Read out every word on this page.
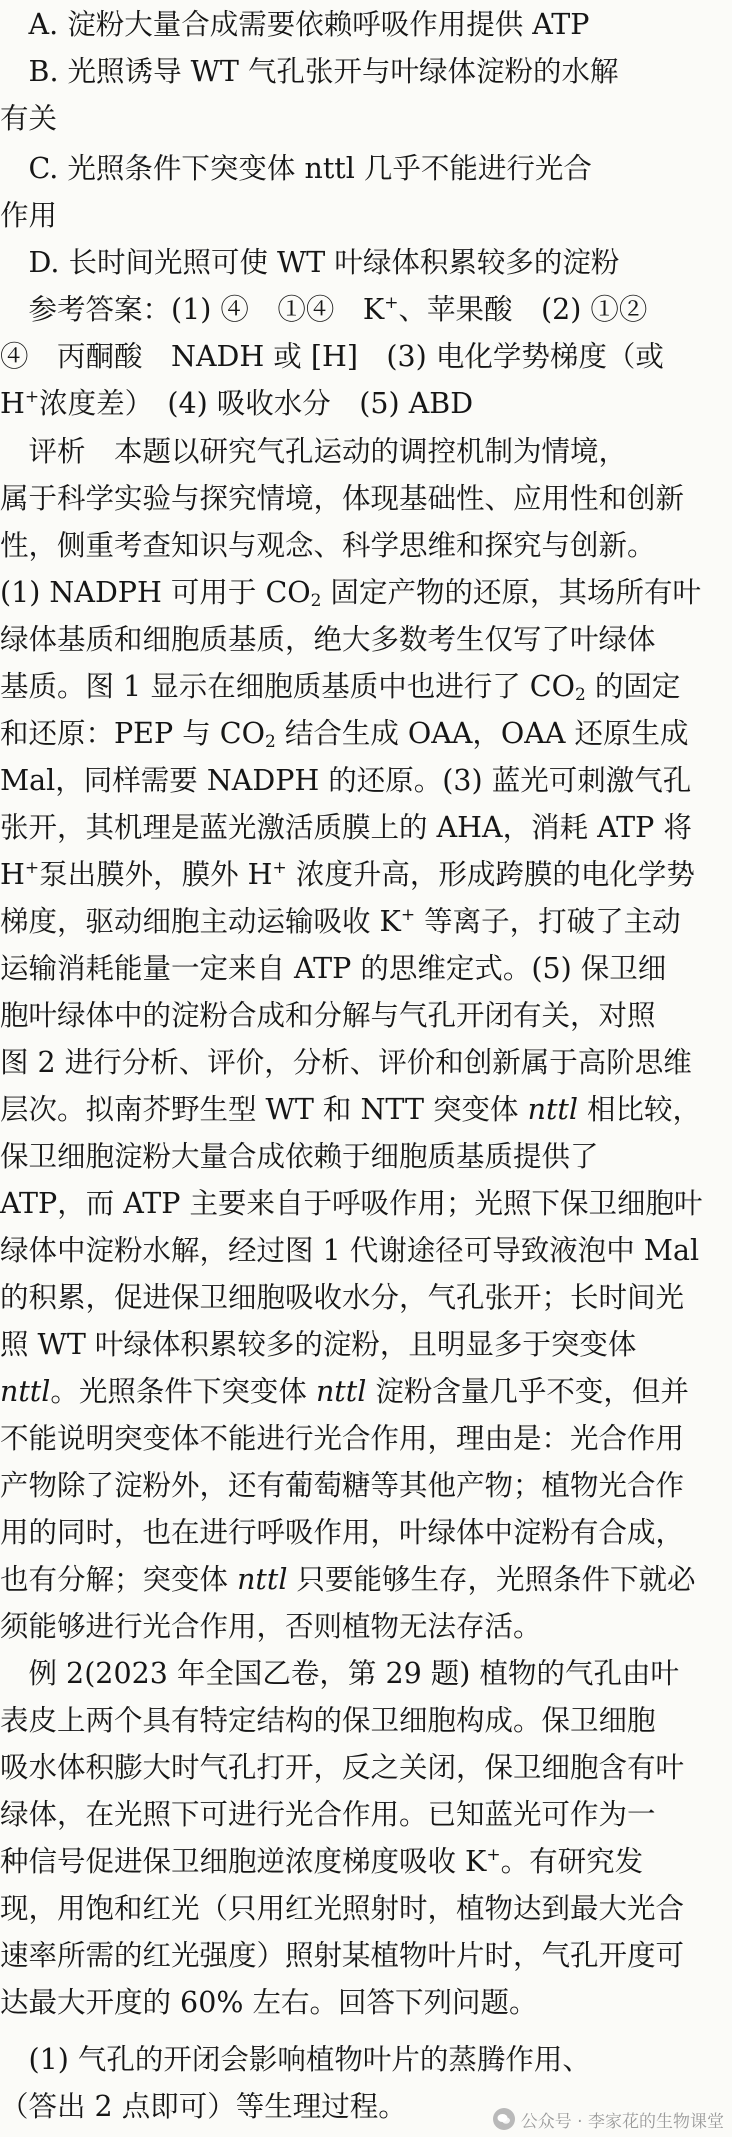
　A. 淀粉大量合成需要依赖呼吸作用提供 ATP
　B. 光照诱导 WT 气孔张开与叶绿体淀粉的水解
有关
　C. 光照条件下突变体 nttl 几乎不能进行光合
作用
　D. 长时间光照可使 WT 叶绿体积累较多的淀粉
　参考答案：(1) ④　①④　K+、苹果酸　(2) ①②
④　丙酮酸　NADH 或 [H]　(3) 电化学势梯度（或
H+浓度差）　(4) 吸收水分　(5) ABD
　评析　本题以研究气孔运动的调控机制为情境，
属于科学实验与探究情境，体现基础性、应用性和创新
性，侧重考查知识与观念、科学思维和探究与创新。
(1) NADPH 可用于 $CO_2$ 固定产物的还原，其场所有叶
绿体基质和细胞质基质，绝大多数考生仅写了叶绿体
基质。图 1 显示在细胞质基质中也进行了 $CO_2$ 的固定
和还原：PEP 与 $CO_2$ 结合生成 OAA，OAA 还原生成
Mal，同样需要 NADPH 的还原。(3) 蓝光可刺激气孔
张开，其机理是蓝光激活质膜上的 AHA，消耗 ATP 将
H+泵出膜外，膜外 H+ 浓度升高，形成跨膜的电化学势
梯度，驱动细胞主动运输吸收 K+ 等离子，打破了主动
运输消耗能量一定来自 ATP 的思维定式。(5) 保卫细
胞叶绿体中的淀粉合成和分解与气孔开闭有关，对照
图 2 进行分析、评价，分析、评价和创新属于高阶思维
层次。拟南芥野生型 WT 和 NTT 突变体 nttl 相比较，
保卫细胞淀粉大量合成依赖于细胞质基质提供了
ATP，而 ATP 主要来自于呼吸作用；光照下保卫细胞叶
绿体中淀粉水解，经过图 1 代谢途径可导致液泡中 Mal
的积累，促进保卫细胞吸收水分，气孔张开；长时间光
照 WT 叶绿体积累较多的淀粉，且明显多于突变体
nttl。光照条件下突变体 nttl 淀粉含量几乎不变，但并
不能说明突变体不能进行光合作用，理由是：光合作用
产物除了淀粉外，还有葡萄糖等其他产物；植物光合作
用的同时，也在进行呼吸作用，叶绿体中淀粉有合成，
也有分解；突变体 nttl 只要能够生存，光照条件下就必
须能够进行光合作用，否则植物无法存活。
　例 2(2023 年全国乙卷，第 29 题) 植物的气孔由叶
表皮上两个具有特定结构的保卫细胞构成。保卫细胞
吸水体积膨大时气孔打开，反之关闭，保卫细胞含有叶
绿体，在光照下可进行光合作用。已知蓝光可作为一
种信号促进保卫细胞逆浓度梯度吸收 K+。有研究发
现，用饱和红光（只用红光照射时，植物达到最大光合
速率所需的红光强度）照射某植物叶片时，气孔开度可
达最大开度的 60% 左右。回答下列问题。
　(1) 气孔的开闭会影响植物叶片的蒸腾作用、
（答出 2 点即可）等生理过程。	公众号 · 李家花的生物课堂
